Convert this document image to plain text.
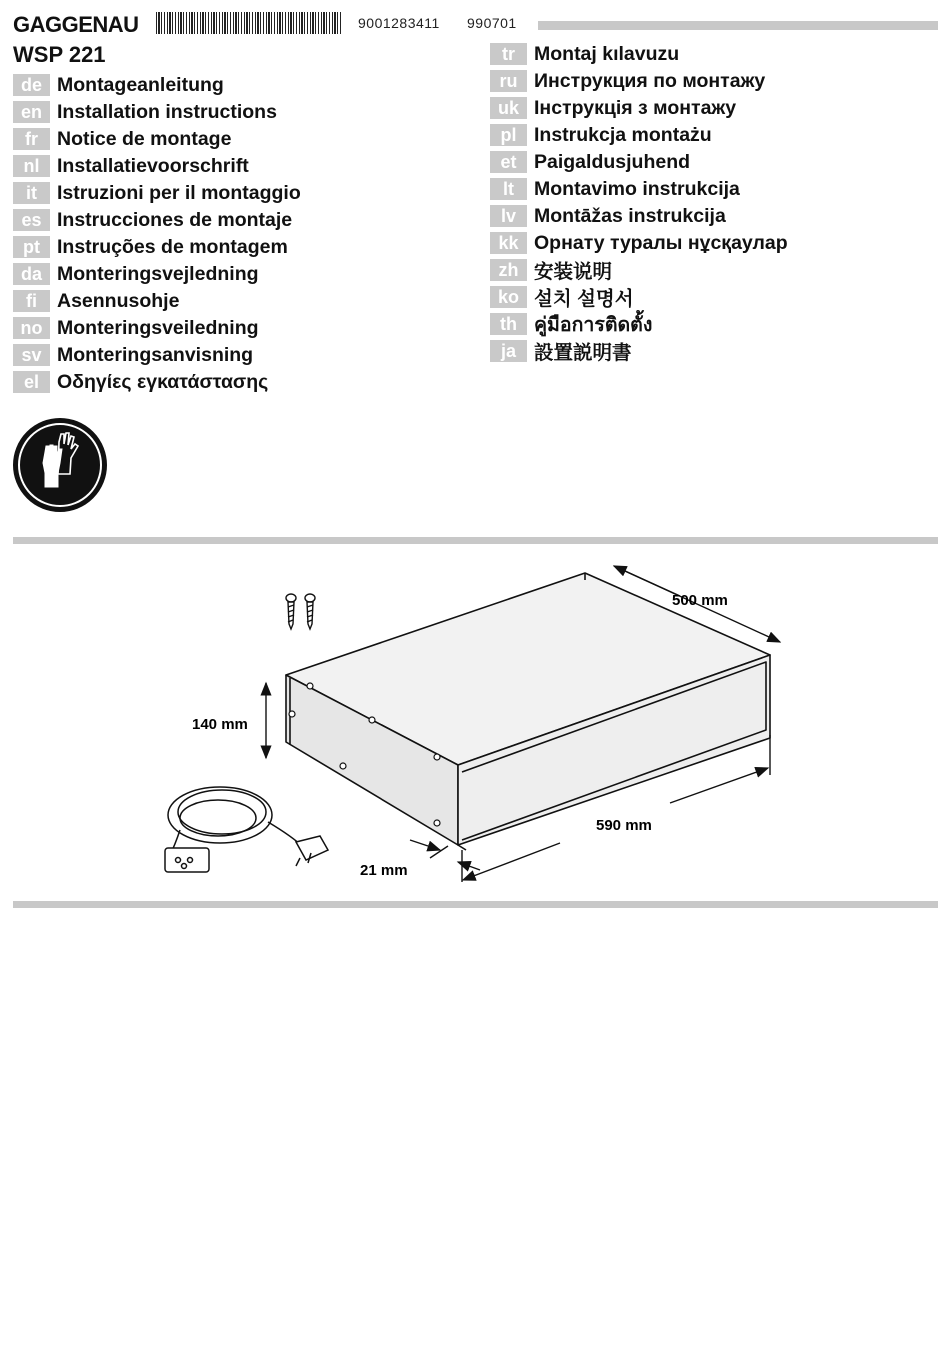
GAGGENAU	9001283411 990701
WSP 221
de Montageanleitung
en Installation instructions
fr Notice de montage
nl Installatievoorschrift
it	Istruzioni per il montaggio
es Instrucciones de montaje
pt Instruções de montagem
da Monteringsvejledning
fi	Asennusohje
no Monteringsveiledning
sv Monteringsanvisning
el Οδηγίες εγκατάστασης
tr Montaj kılavuzu
ru Инструкция по монтажу
uk Інструкція з монтажу
pl Instrukcja montażu
et Paigaldusjuhend
lt	Montavimo instrukcija
lv Montāžas instrukcija
kk Орнату туралы нұсқаулар
zh 安装说明
ko 설치 설명서
th คู่มือการติดตั้ง
ja 設置説明書
500 mm
140 mm
590 mm
21 mm
